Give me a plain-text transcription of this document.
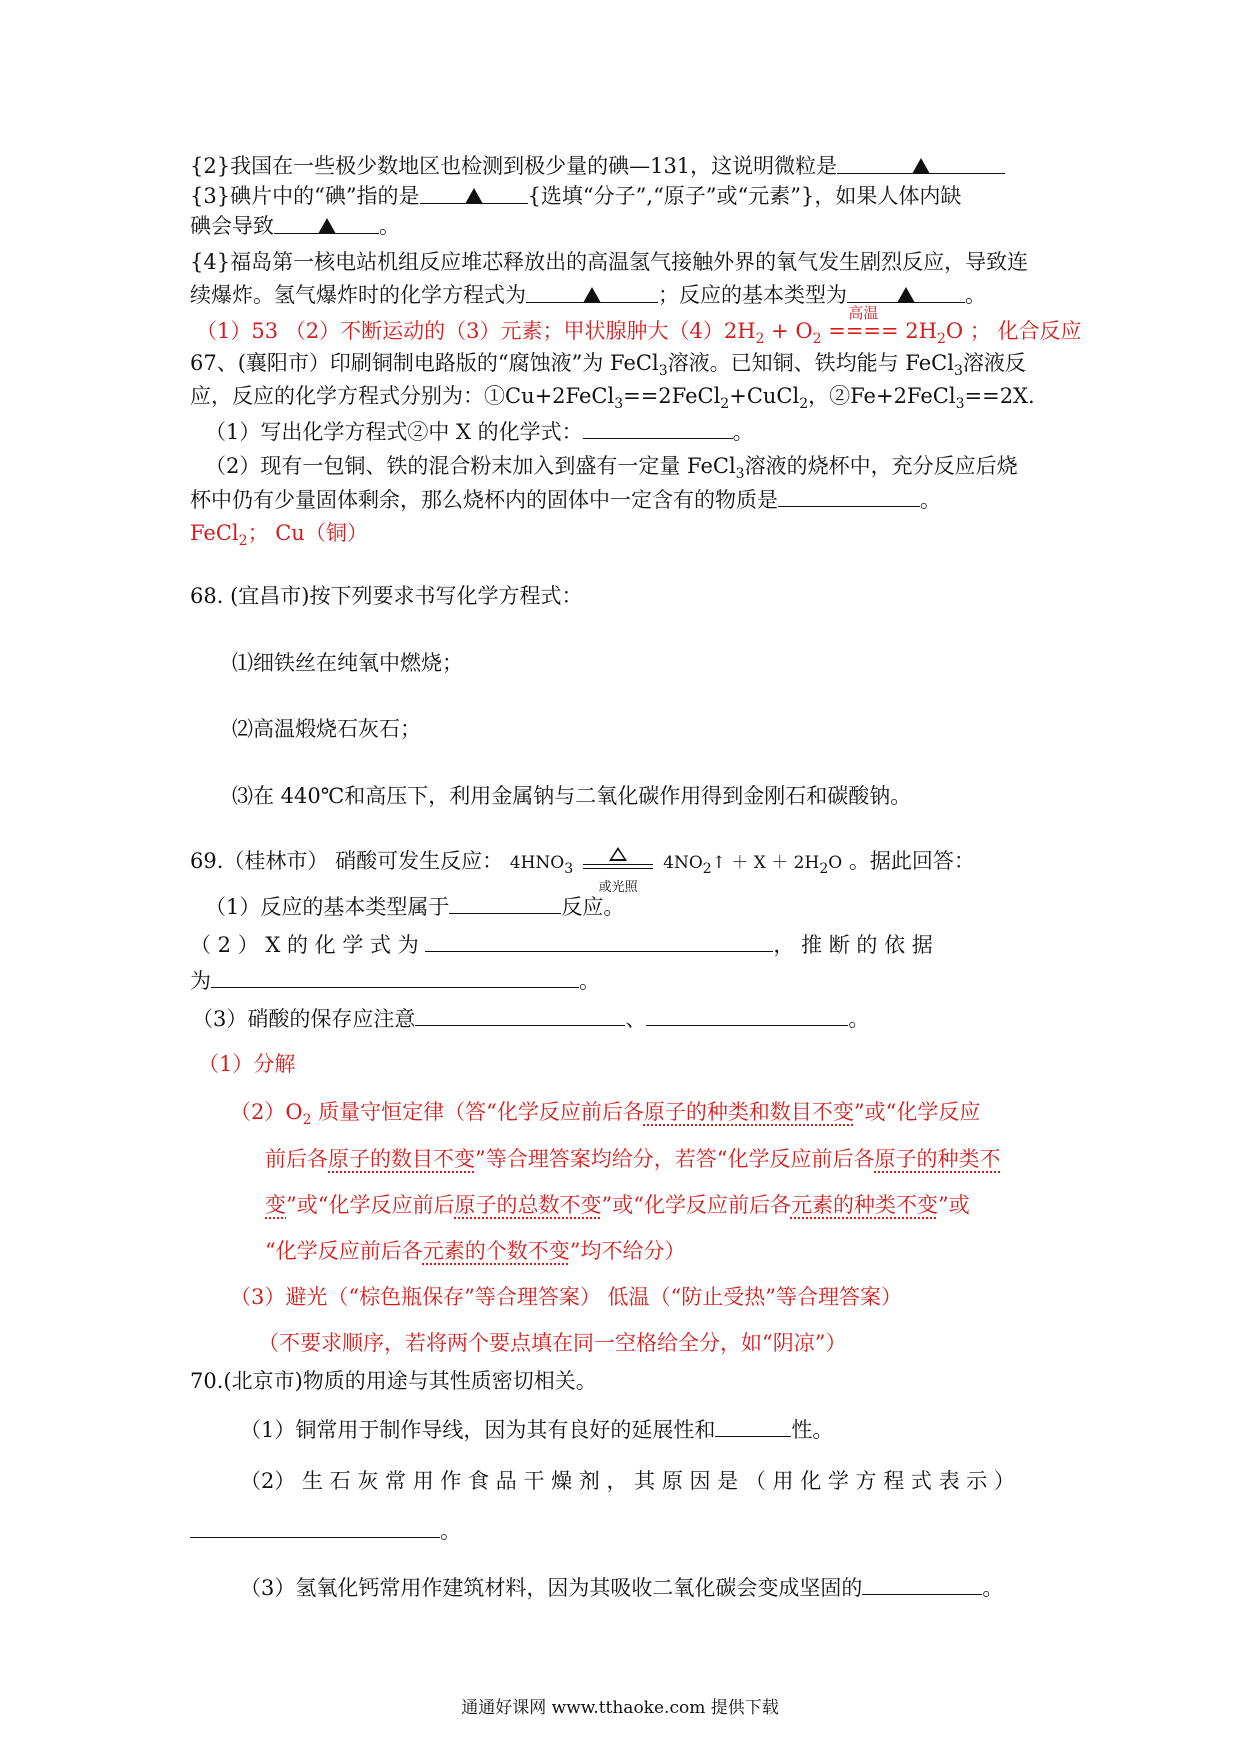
{2}我国在一些极少数地区也检测到极少量的碘—131，这说明微粒是
{3}碘片中的“碘”指的是	{选填“分子”,“原子”或“元素”}，如果人体内缺
碘会导致	。
{4}福岛第一核电站机组反应堆芯释放出的高温氢气接触外界的氧气发生剧烈反应，导致连
续爆炸。氢气爆炸时的化学方程式为	；反应的基本类型为	。
（1）53 （2）不断运动的（3）元素；甲状腺肿大$(4)2H_2 + O_2$
高温
==== $2H_2O$ ； 化合反应
67、(襄阳市）印刷铜制电路版的“腐蚀液”为 FeCl$_3$溶液。已知铜、铁均能与 FeCl$_3$溶液反
应，反应的化学方程式分别为：①Cu+2FeCl$_3$==2FeCl$_2$+CuCl$_2$，②Fe+2FeCl$_3$==2X.
（1）写出化学方程式②中 X 的化学式：	。
（2）现有一包铜、铁的混合粉末加入到盛有一定量 FeCl$_3$溶液的烧杯中，充分反应后烧
杯中仍有少量固体剩余，那么烧杯内的固体中一定含有的物质是	。
FeCl$_2$； Cu（铜）
68. (宜昌市)按下列要求书写化学方程式：
⑴细铁丝在纯氧中燃烧；
⑵高温煅烧石灰石；
⑶在 440℃和高压下，利用金属钠与二氧化碳作用得到金刚石和碳酸钠。
69.（桂林市） 硝酸可发生反应： $4HNO_3$
或光照
$4NO_2↑ + X + 2H_2O$ 。据此回答：
（1）反应的基本类型属于	反应。
（ 2 ） X 的 化 学 式 为	， 推 断 的 依 据
为	。
（3）硝酸的保存应注意	、	。
（1）分解
$(2)O_2$ 质量守恒定律（答“化学反应前后各原子的种类和数目不变”或“化学反应
前后各原子的数目不变”等合理答案均给分，若答“化学反应前后各原子的种类不
变”或“化学反应前后原子的总数不变”或“化学反应前后各元素的种类不变”或
“化学反应前后各元素的个数不变”均不给分）
（3）避光（“棕色瓶保存”等合理答案） 低温（“防止受热”等合理答案）
（不要求顺序，若将两个要点填在同一空格给全分，如“阴凉”）
70.(北京市)物质的用途与其性质密切相关。
（1）铜常用于制作导线，因为其有良好的延展性和	性。
（2） 生 石 灰 常 用 作 食 品 干 燥 剂 ， 其 原 因 是 （ 用 化 学 方 程 式 表 示 ）
。
（3）氢氧化钙常用作建筑材料，因为其吸收二氧化碳会变成坚固的	。
通通好课网 www.tthaoke.com 提供下载
